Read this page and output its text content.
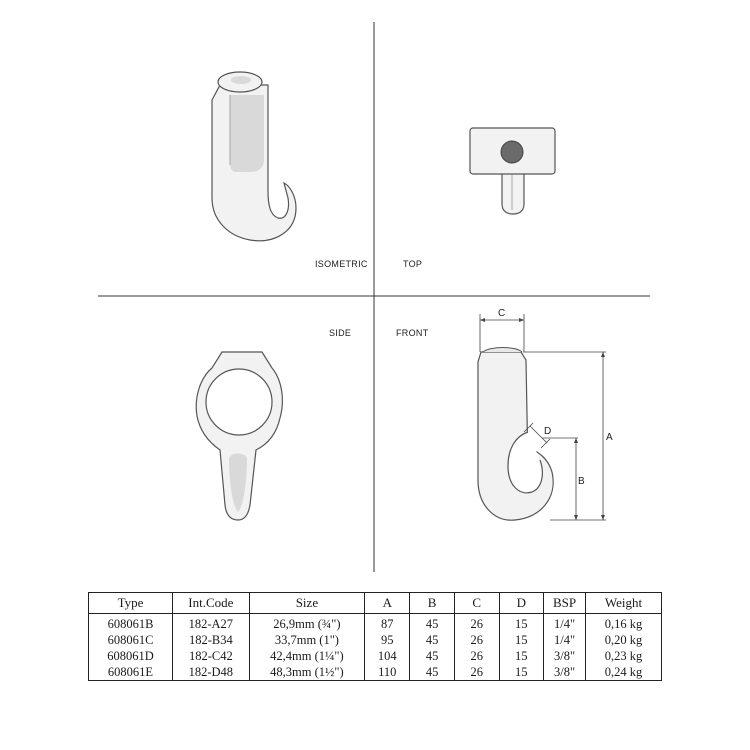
ISOMETRIC	TOP
SIDE	FRONT
C
A
B
D
Type	Int.Code	Size	A	B	C	D	BSP	Weight
608061B	182-A27	26,9mm (¾")	87	45	26	15	1/4"	0,16 kg
608061C	182-B34	33,7mm (1")	95	45	26	15	1/4"	0,20 kg
608061D	182-C42	42,4mm (1¼")	104	45	26	15	3/8"	0,23 kg
608061E	182-D48	48,3mm (1½")	110	45	26	15	3/8"	0,24 kg
